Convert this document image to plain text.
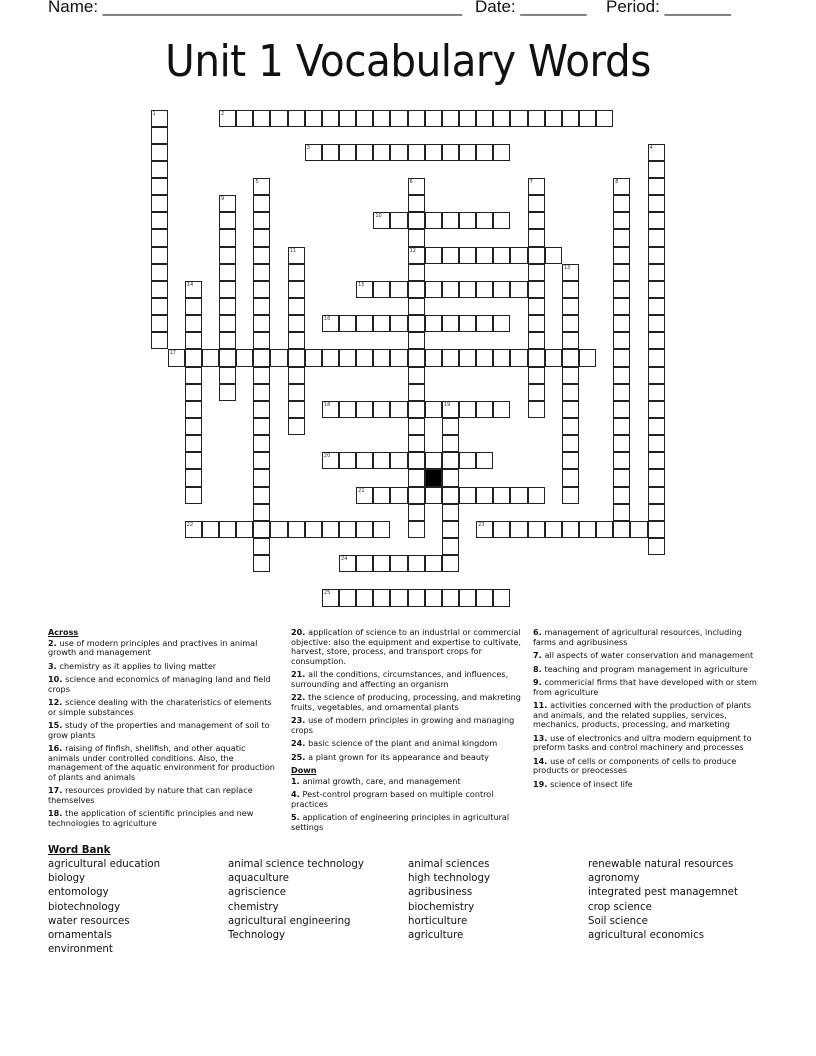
Name: ______________________________________ Date: _______ Period: _______
Unit 1 Vocabulary Words
1	2
3	4
5	6
12
7	8
9
10
11
13
14	15
16
17
18	19
20
21
22	23
24
25
Across
2. use of modern principles and practives in animal growth and management
3. chemistry as it applies to living matter
10. science and economics of managing land and field crops
12. science dealing with the charateristics of elements or simple substances
15. study of the properties and management of soil to grow plants
16. raising of finfish, shellfish, and other aquatic animals under controlled conditions. Also, the management of the aquatic environment for production of plants and animals
17. resources provided by nature that can replace themselves
18. the application of scientific principles and new technologies to agriculture
20. application of science to an industrial or commercial objective: also the equipment and expertise to cultivate, harvest, store, process, and transport crops for consumption.
21. all the conditions, circumstances, and influences, surrounding and affecting an organism
22. the science of producing, processing, and makreting fruits, vegetables, and ornamental plants
23. use of modern principles in growing and managing crops
24. basic science of the plant and animal kingdom
25. a plant grown for its appearance and beauty
Down
1. animal growth, care, and management
4. Pest-control program based on multiple control practices
5. application of engineering principles in agricultural settings
6. management of agricultural resources, including farms and agribusiness
7. all aspects of water conservation and management
8. teaching and program management in agriculture
9. commericial firms that have developed with or stem from agriculture
11. activities concerned with the production of plants and animals, and the related supplies, services, mechanics, products, processing, and marketing
13. use of electronics and ultra modern equipment to preform tasks and control machinery and processes
14. use of cells or components of cells to produce products or preocesses
19. science of insect life
Word Bank
agricultural education
biology
entomology
biotechnology
water resources
ornamentals
environment
animal science technology
aquaculture
agriscience
chemistry
agricultural engineering
Technology
animal sciences
high technology
agribusiness
biochemistry
horticulture
agriculture
renewable natural resources
agronomy
integrated pest managemnet
crop science
Soil science
agricultural economics
